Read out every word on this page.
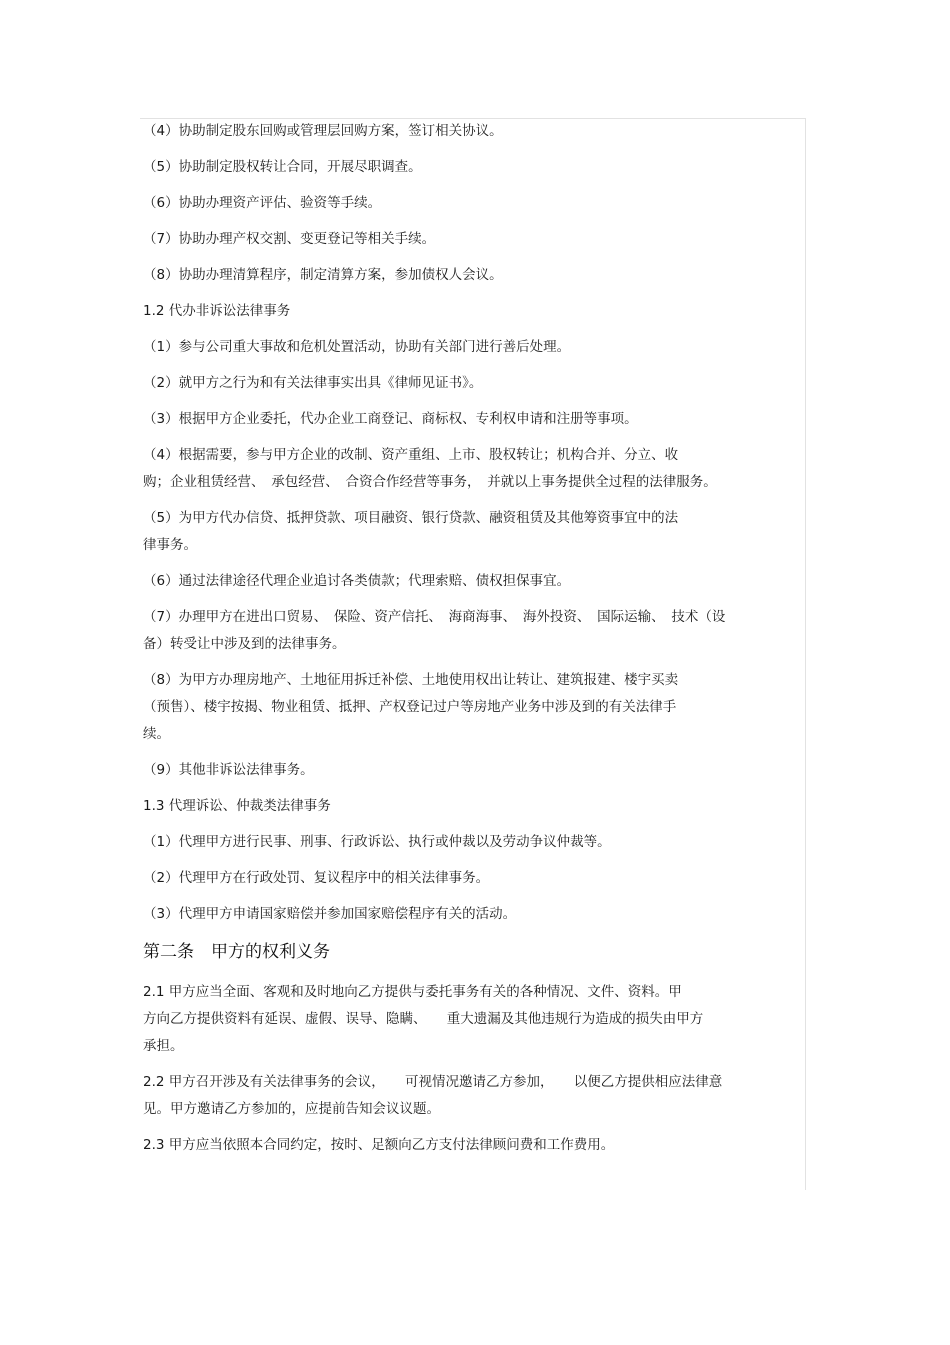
（4）协助制定股东回购或管理层回购方案，签订相关协议。
（5）协助制定股权转让合同，开展尽职调查。
（6）协助办理资产评估、验资等手续。
（7）协助办理产权交割、变更登记等相关手续。
（8）协助办理清算程序，制定清算方案，参加债权人会议。
1.2 代办非诉讼法律事务
（1）参与公司重大事故和危机处置活动，协助有关部门进行善后处理。
（2）就甲方之行为和有关法律事实出具《律师见证书》。
（3）根据甲方企业委托，代办企业工商登记、商标权、专利权申请和注册等事项。
（4）根据需要，参与甲方企业的改制、资产重组、上市、股权转让；机构合并、分立、收
购；企业租赁经营、　承包经营、　合资合作经营等事务，　并就以上事务提供全过程的法律服务。
（5）为甲方代办信贷、抵押贷款、项目融资、银行贷款、融资租赁及其他筹资事宜中的法
律事务。
（6）通过法律途径代理企业追讨各类债款；代理索赔、债权担保事宜。
（7）办理甲方在进出口贸易、　保险、资产信托、　海商海事、　海外投资、　国际运输、　技术（设
备）转受让中涉及到的法律事务。
（8）为甲方办理房地产、土地征用拆迁补偿、土地使用权出让转让、建筑报建、楼宇买卖
（预售）、楼宇按揭、物业租赁、抵押、产权登记过户等房地产业务中涉及到的有关法律手
续。
（9）其他非诉讼法律事务。
1.3 代理诉讼、仲裁类法律事务
（1）代理甲方进行民事、刑事、行政诉讼、执行或仲裁以及劳动争议仲裁等。
（2）代理甲方在行政处罚、复议程序中的相关法律事务。
（3）代理甲方申请国家赔偿并参加国家赔偿程序有关的活动。
第二条　甲方的权利义务
2.1 甲方应当全面、客观和及时地向乙方提供与委托事务有关的各种情况、文件、资料。甲
方向乙方提供资料有延误、虚假、误导、隐瞒、　　重大遗漏及其他违规行为造成的损失由甲方
承担。
2.2 甲方召开涉及有关法律事务的会议，　　可视情况邀请乙方参加，　　以便乙方提供相应法律意
见。甲方邀请乙方参加的，应提前告知会议议题。
2.3 甲方应当依照本合同约定，按时、足额向乙方支付法律顾问费和工作费用。
